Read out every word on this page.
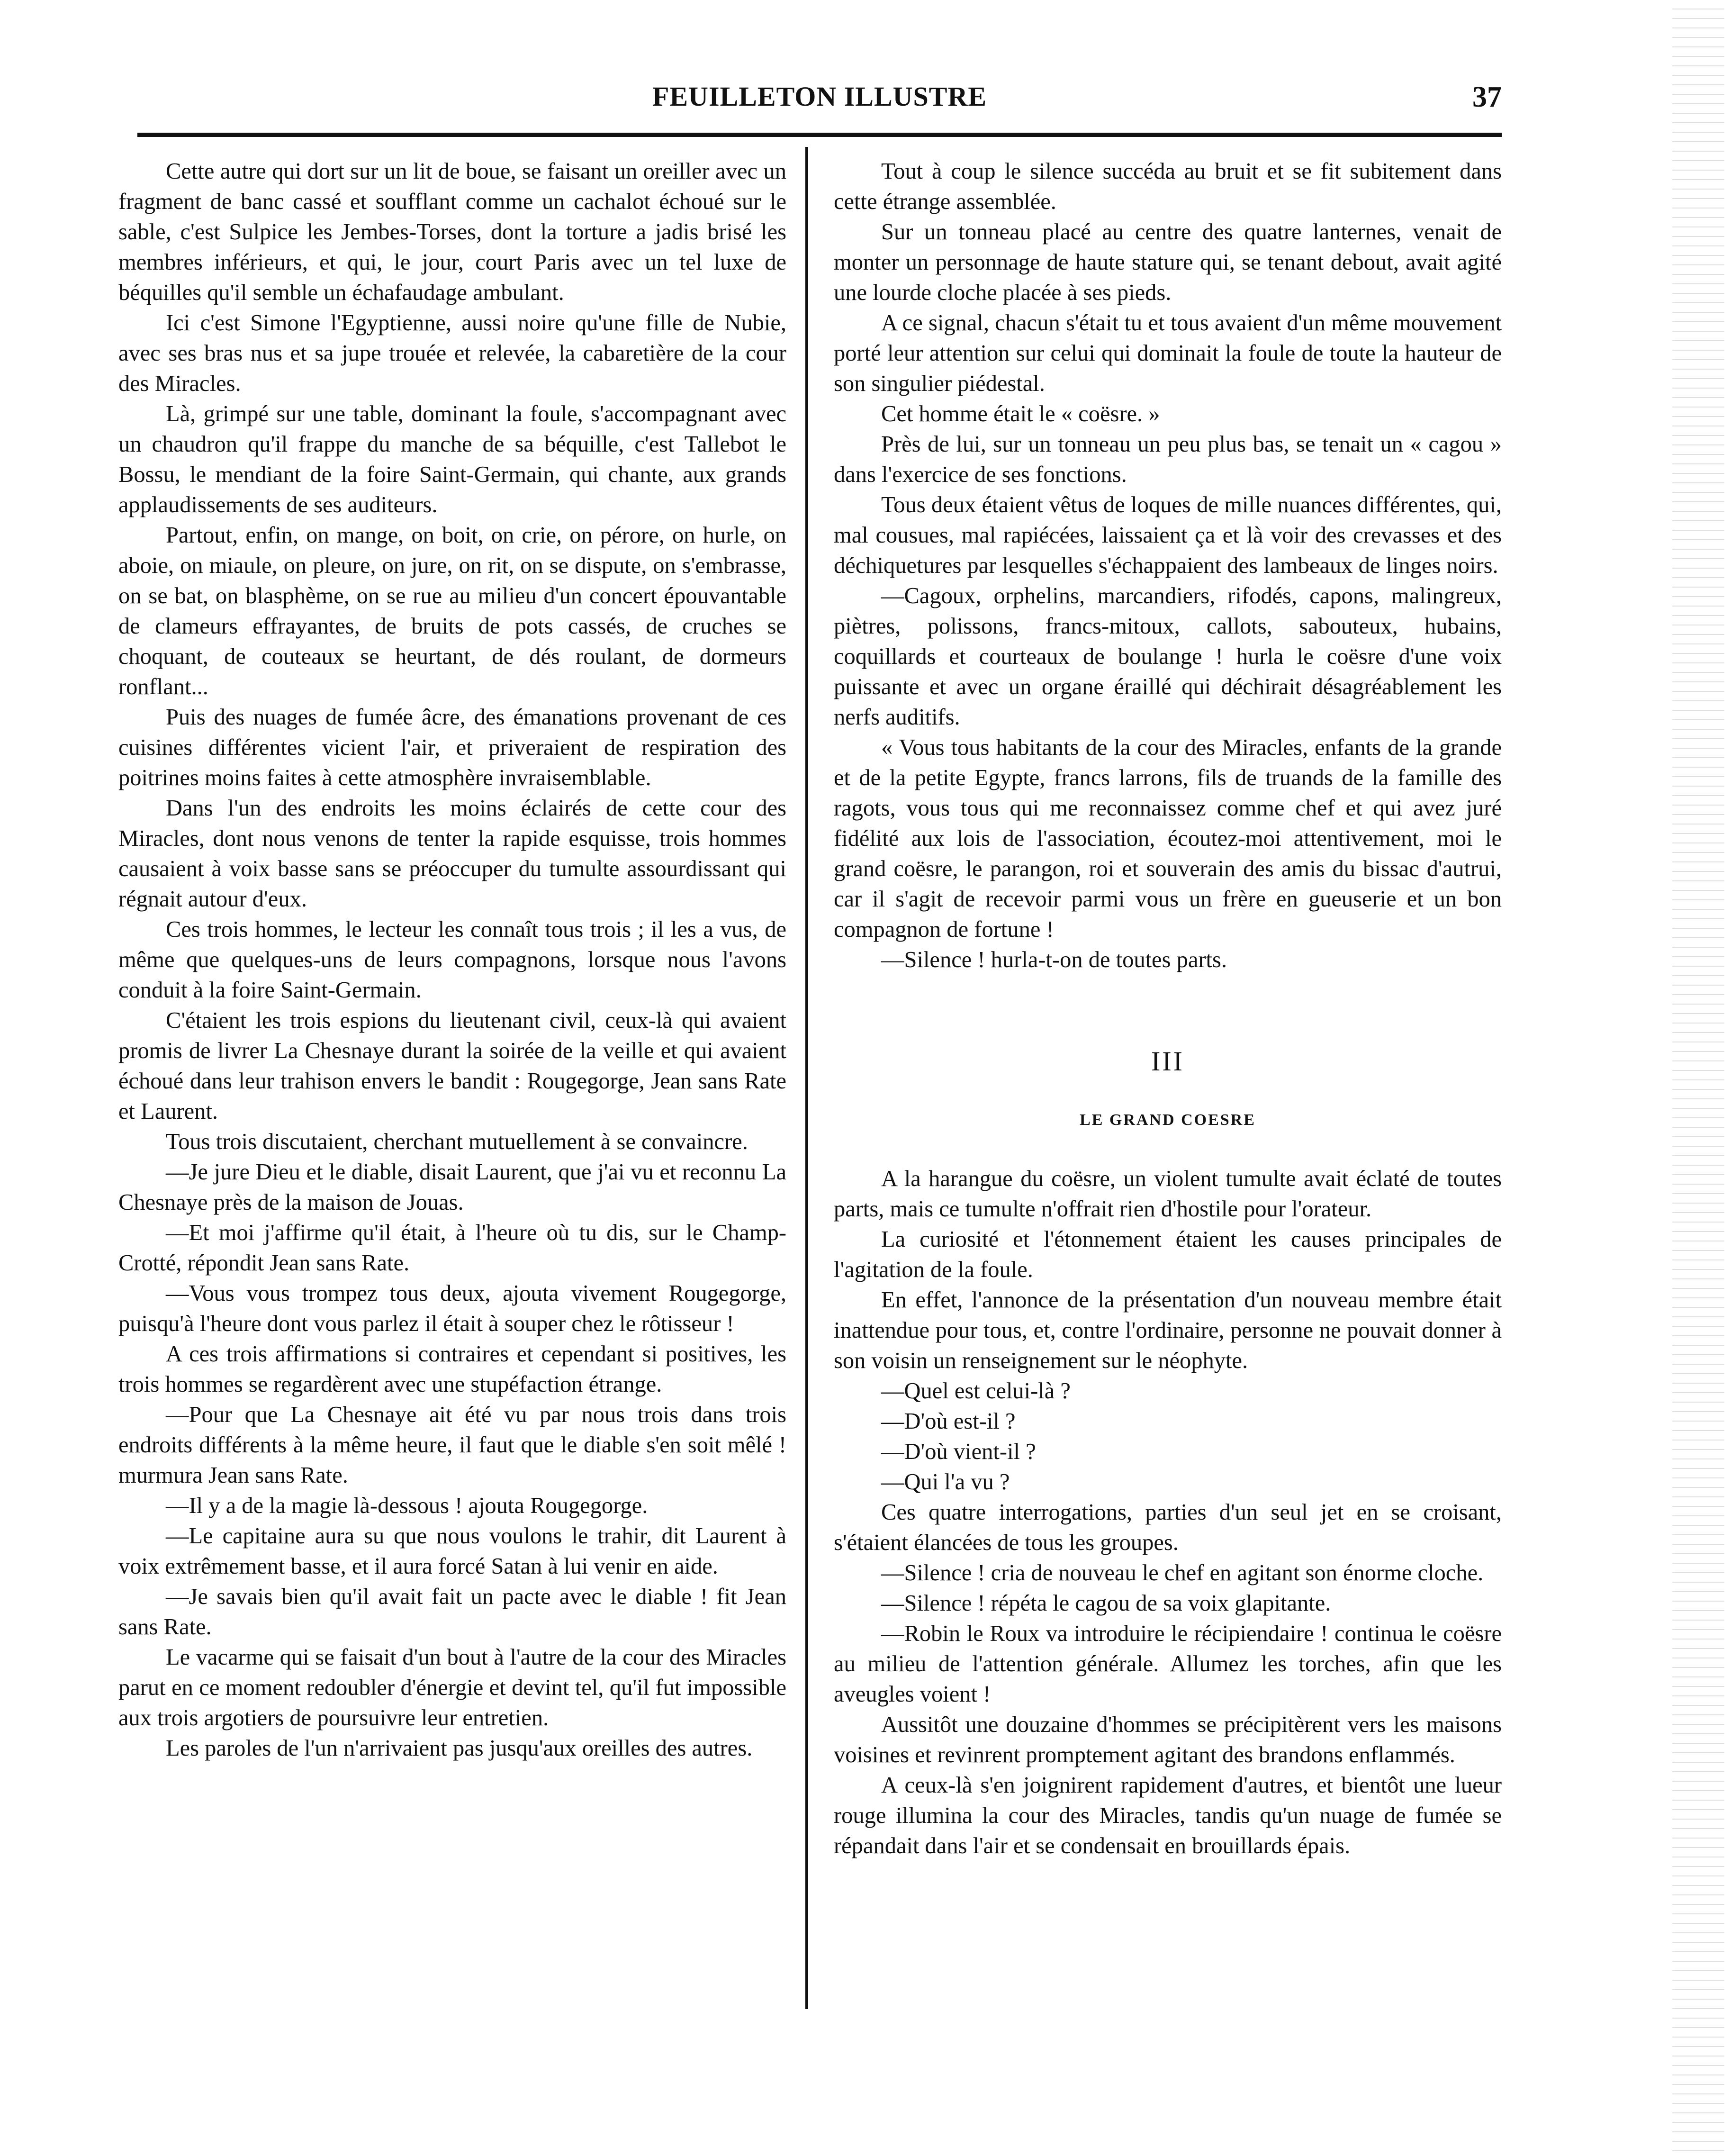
FEUILLETON ILLUSTRE	37

Cette autre qui dort sur un lit de boue, se faisant un oreiller avec un fragment de banc cassé et soufflant comme un cachalot échoué sur le sable, c'est Sulpice les Jembes-Torses, dont la torture a jadis brisé les membres inférieurs, et qui, le jour, court Paris avec un tel luxe de béquilles qu'il semble un échafaudage ambulant.

Ici c'est Simone l'Egyptienne, aussi noire qu'une fille de Nubie, avec ses bras nus et sa jupe trouée et relevée, la cabaretière de la cour des Miracles.

Là, grimpé sur une table, dominant la foule, s'accompagnant avec un chaudron qu'il frappe du manche de sa béquille, c'est Tallebot le Bossu, le mendiant de la foire Saint-Germain, qui chante, aux grands applaudissements de ses auditeurs.

Partout, enfin, on mange, on boit, on crie, on pérore, on hurle, on aboie, on miaule, on pleure, on jure, on rit, on se dispute, on s'embrasse, on se bat, on blasphème, on se rue au milieu d'un concert épouvantable de clameurs effrayantes, de bruits de pots cassés, de cruches se choquant, de couteaux se heurtant, de dés roulant, de dormeurs ronflant...

Puis des nuages de fumée âcre, des émanations provenant de ces cuisines différentes vicient l'air, et priveraient de respiration des poitrines moins faites à cette atmosphère invraisemblable.

Dans l'un des endroits les moins éclairés de cette cour des Miracles, dont nous venons de tenter la rapide esquisse, trois hommes causaient à voix basse sans se préoccuper du tumulte assourdissant qui régnait autour d'eux.

Ces trois hommes, le lecteur les connaît tous trois ; il les a vus, de même que quelques-uns de leurs compagnons, lorsque nous l'avons conduit à la foire Saint-Germain.

C'étaient les trois espions du lieutenant civil, ceux-là qui avaient promis de livrer La Chesnaye durant la soirée de la veille et qui avaient échoué dans leur trahison envers le bandit : Rougegorge, Jean sans Rate et Laurent.

Tous trois discutaient, cherchant mutuellement à se convaincre.

—Je jure Dieu et le diable, disait Laurent, que j'ai vu et reconnu La Chesnaye près de la maison de Jouas.

—Et moi j'affirme qu'il était, à l'heure où tu dis, sur le Champ-Crotté, répondit Jean sans Rate.

—Vous vous trompez tous deux, ajouta vivement Rougegorge, puisqu'à l'heure dont vous parlez il était à souper chez le rôtisseur !

A ces trois affirmations si contraires et cependant si positives, les trois hommes se regardèrent avec une stupéfaction étrange.

—Pour que La Chesnaye ait été vu par nous trois dans trois endroits différents à la même heure, il faut que le diable s'en soit mêlé ! murmura Jean sans Rate.

—Il y a de la magie là-dessous ! ajouta Rougegorge.

—Le capitaine aura su que nous voulons le trahir, dit Laurent à voix extrêmement basse, et il aura forcé Satan à lui venir en aide.

—Je savais bien qu'il avait fait un pacte avec le diable ! fit Jean sans Rate.

Le vacarme qui se faisait d'un bout à l'autre de la cour des Miracles parut en ce moment redoubler d'énergie et devint tel, qu'il fut impossible aux trois argotiers de poursuivre leur entretien.

Les paroles de l'un n'arrivaient pas jusqu'aux oreilles des autres.

Tout à coup le silence succéda au bruit et se fit subitement dans cette étrange assemblée.

Sur un tonneau placé au centre des quatre lanternes, venait de monter un personnage de haute stature qui, se tenant debout, avait agité une lourde cloche placée à ses pieds.

A ce signal, chacun s'était tu et tous avaient d'un même mouvement porté leur attention sur celui qui dominait la foule de toute la hauteur de son singulier piédestal.

Cet homme était le « coësre. »

Près de lui, sur un tonneau un peu plus bas, se tenait un « cagou » dans l'exercice de ses fonctions.

Tous deux étaient vêtus de loques de mille nuances différentes, qui, mal cousues, mal rapiécées, laissaient ça et là voir des crevasses et des déchiquetures par lesquelles s'échappaient des lambeaux de linges noirs.

—Cagoux, orphelins, marcandiers, rifodés, capons, malingreux, piètres, polissons, francs-mitoux, callots, sabouteux, hubains, coquillards et courteaux de boulange ! hurla le coësre d'une voix puissante et avec un organe éraillé qui déchirait désagréablement les nerfs auditifs.

« Vous tous habitants de la cour des Miracles, enfants de la grande et de la petite Egypte, francs larrons, fils de truands de la famille des ragots, vous tous qui me reconnaissez comme chef et qui avez juré fidélité aux lois de l'association, écoutez-moi attentivement, moi le grand coësre, le parangon, roi et souverain des amis du bissac d'autrui, car il s'agit de recevoir parmi vous un frère en gueuserie et un bon compagnon de fortune !

—Silence ! hurla-t-on de toutes parts.

III
LE GRAND COESRE

A la harangue du coësre, un violent tumulte avait éclaté de toutes parts, mais ce tumulte n'offrait rien d'hostile pour l'orateur.

La curiosité et l'étonnement étaient les causes principales de l'agitation de la foule.

En effet, l'annonce de la présentation d'un nouveau membre était inattendue pour tous, et, contre l'ordinaire, personne ne pouvait donner à son voisin un renseignement sur le néophyte.

—Quel est celui-là ?

—D'où est-il ?

—D'où vient-il ?

—Qui l'a vu ?

Ces quatre interrogations, parties d'un seul jet en se croisant, s'étaient élancées de tous les groupes.

—Silence ! cria de nouveau le chef en agitant son énorme cloche.

—Silence ! répéta le cagou de sa voix glapitante.

—Robin le Roux va introduire le récipiendaire ! continua le coësre au milieu de l'attention générale. Allumez les torches, afin que les aveugles voient !

Aussitôt une douzaine d'hommes se précipitèrent vers les maisons voisines et revinrent promptement agitant des brandons enflammés.

A ceux-là s'en joignirent rapidement d'autres, et bientôt une lueur rouge illumina la cour des Miracles, tandis qu'un nuage de fumée se répandait dans l'air et se condensait en brouillards épais.
